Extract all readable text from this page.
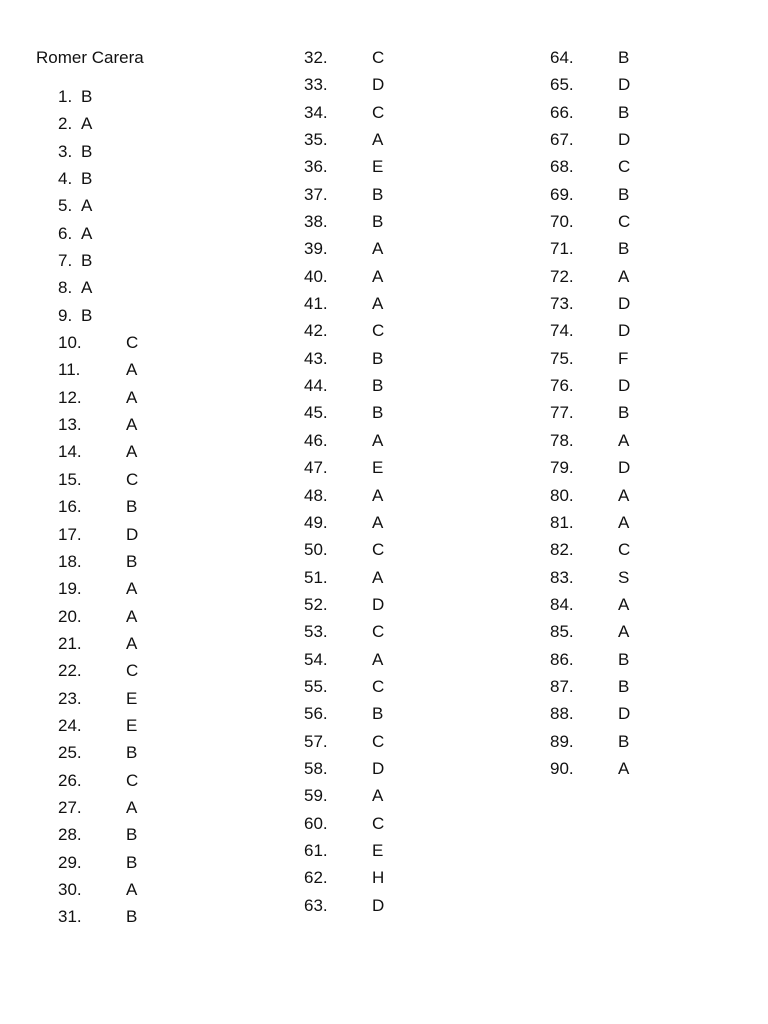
Romer Carera
1. B
2. A
3. B
4. B
5. A
6. A
7. B
8. A
9. B
10.	C
11.	A
12.	A
13.	A
14.	A
15.	C
16.	B
17.	D
18.	B
19.	A
20.	A
21.	A
22.	C
23.	E
24.	E
25.	B
26.	C
27.	A
28.	B
29.	B
30.	A
31.	B
32.	C
33.	D
34.	C
35.	A
36.	E
37.	B
38.	B
39.	A
40.	A
41.	A
42.	C
43.	B
44.	B
45.	B
46.	A
47.	E
48.	A
49.	A
50.	C
51.	A
52.	D
53.	C
54.	A
55.	C
56.	B
57.	C
58.	D
59.	A
60.	C
61.	E
62.	H
63.	D
64.	B
65.	D
66.	B
67.	D
68.	C
69.	B
70.	C
71.	B
72.	A
73.	D
74.	D
75.	F
76.	D
77.	B
78.	A
79.	D
80.	A
81.	A
82.	C
83.	S
84.	A
85.	A
86.	B
87.	B
88.	D
89.	B
90.	A
